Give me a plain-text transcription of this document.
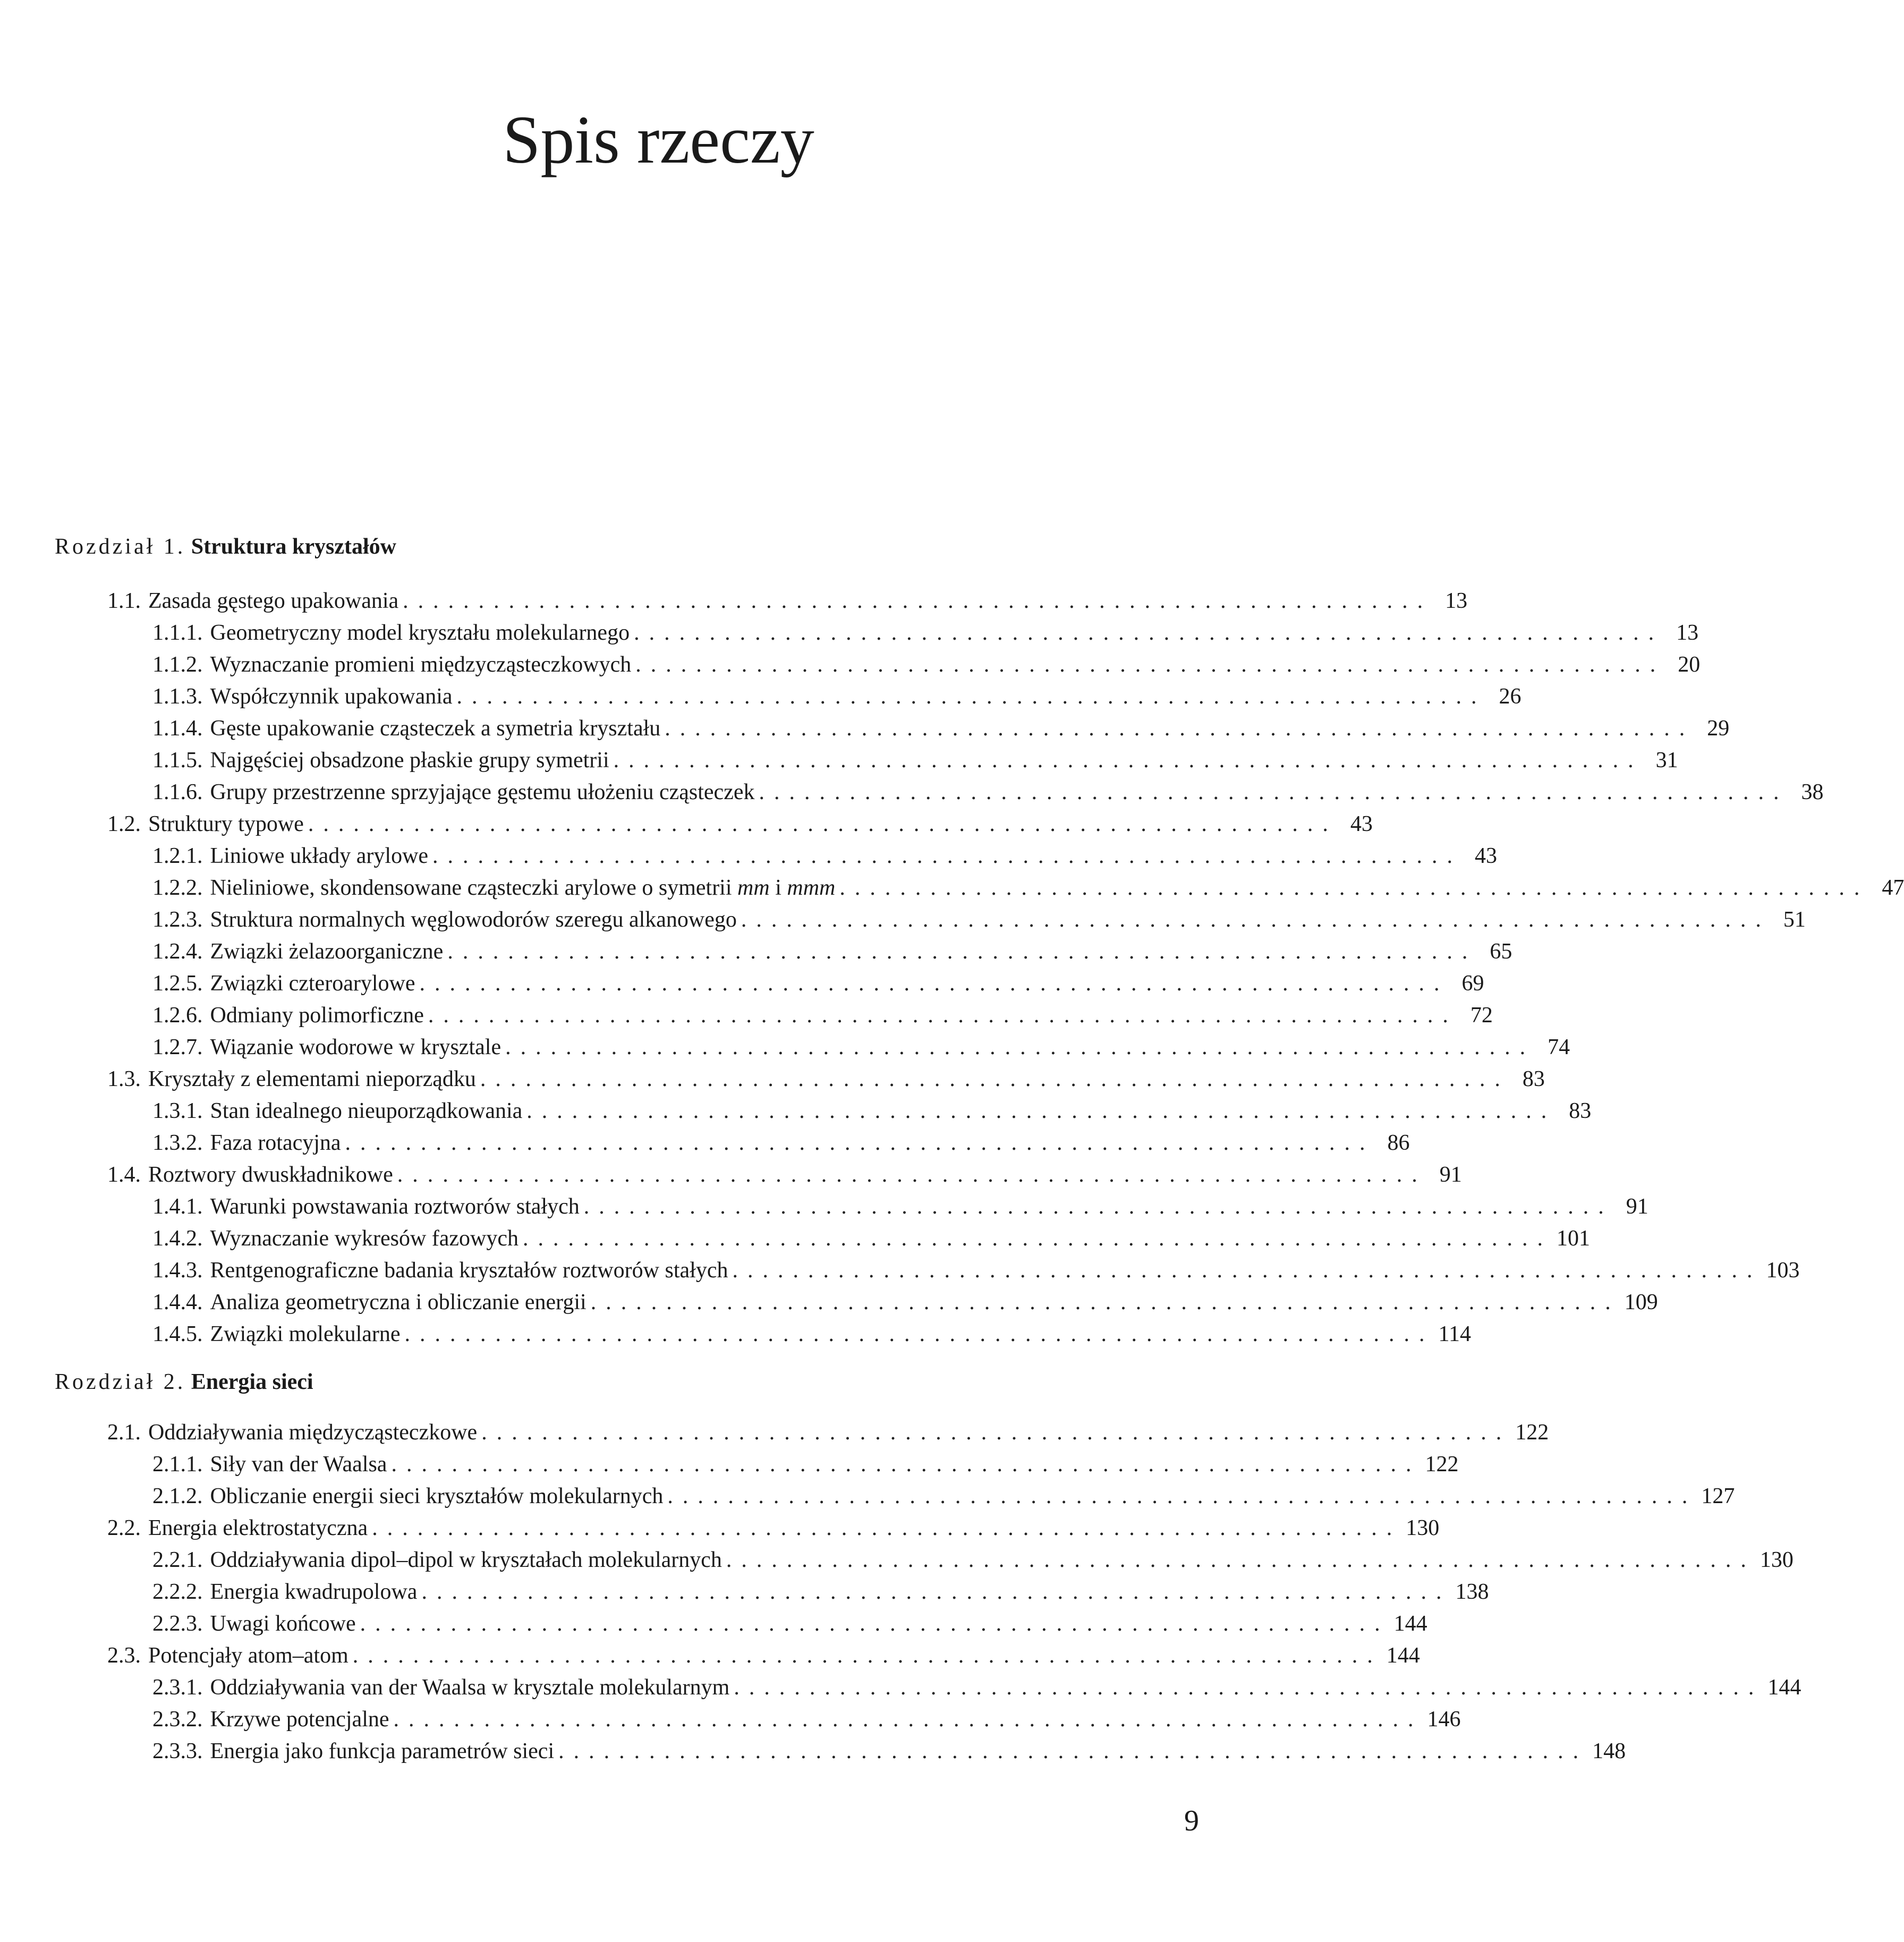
Spis rzeczy
Rozdział 1. Struktura kryształów
1.1. Zasada gęstego upakowania .................................................................... 13
1.1.1. Geometryczny model kryształu molekularnego .................................................................... 13
1.1.2. Wyznaczanie promieni międzycząsteczkowych .................................................................... 20
1.1.3. Współczynnik upakowania .................................................................... 26
1.1.4. Gęste upakowanie cząsteczek a symetria kryształu .................................................................... 29
1.1.5. Najgęściej obsadzone płaskie grupy symetrii .................................................................... 31
1.1.6. Grupy przestrzenne sprzyjające gęstemu ułożeniu cząsteczek .................................................................... 38
1.2. Struktury typowe .................................................................... 43
1.2.1. Liniowe układy arylowe .................................................................... 43
1.2.2. Nieliniowe, skondensowane cząsteczki arylowe o symetrii mm i mmm .................................................................... 47
1.2.3. Struktura normalnych węglowodorów szeregu alkanowego .................................................................... 51
1.2.4. Związki żelazoorganiczne .................................................................... 65
1.2.5. Związki czteroarylowe .................................................................... 69
1.2.6. Odmiany polimorficzne .................................................................... 72
1.2.7. Wiązanie wodorowe w krysztale .................................................................... 74
1.3. Kryształy z elementami nieporządku .................................................................... 83
1.3.1. Stan idealnego nieuporządkowania .................................................................... 83
1.3.2. Faza rotacyjna .................................................................... 86
1.4. Roztwory dwuskładnikowe .................................................................... 91
1.4.1. Warunki powstawania roztworów stałych .................................................................... 91
1.4.2. Wyznaczanie wykresów fazowych .................................................................... 101
1.4.3. Rentgenograficzne badania kryształów roztworów stałych .................................................................... 103
1.4.4. Analiza geometryczna i obliczanie energii .................................................................... 109
1.4.5. Związki molekularne .................................................................... 114
Rozdział 2. Energia sieci
2.1. Oddziaływania międzycząsteczkowe .................................................................... 122
2.1.1. Siły van der Waalsa .................................................................... 122
2.1.2. Obliczanie energii sieci kryształów molekularnych .................................................................... 127
2.2. Energia elektrostatyczna .................................................................... 130
2.2.1. Oddziaływania dipol–dipol w kryształach molekularnych .................................................................... 130
2.2.2. Energia kwadrupolowa .................................................................... 138
2.2.3. Uwagi końcowe .................................................................... 144
2.3. Potencjały atom–atom .................................................................... 144
2.3.1. Oddziaływania van der Waalsa w krysztale molekularnym .................................................................... 144
2.3.2. Krzywe potencjalne .................................................................... 146
2.3.3. Energia jako funkcja parametrów sieci .................................................................... 148
9
